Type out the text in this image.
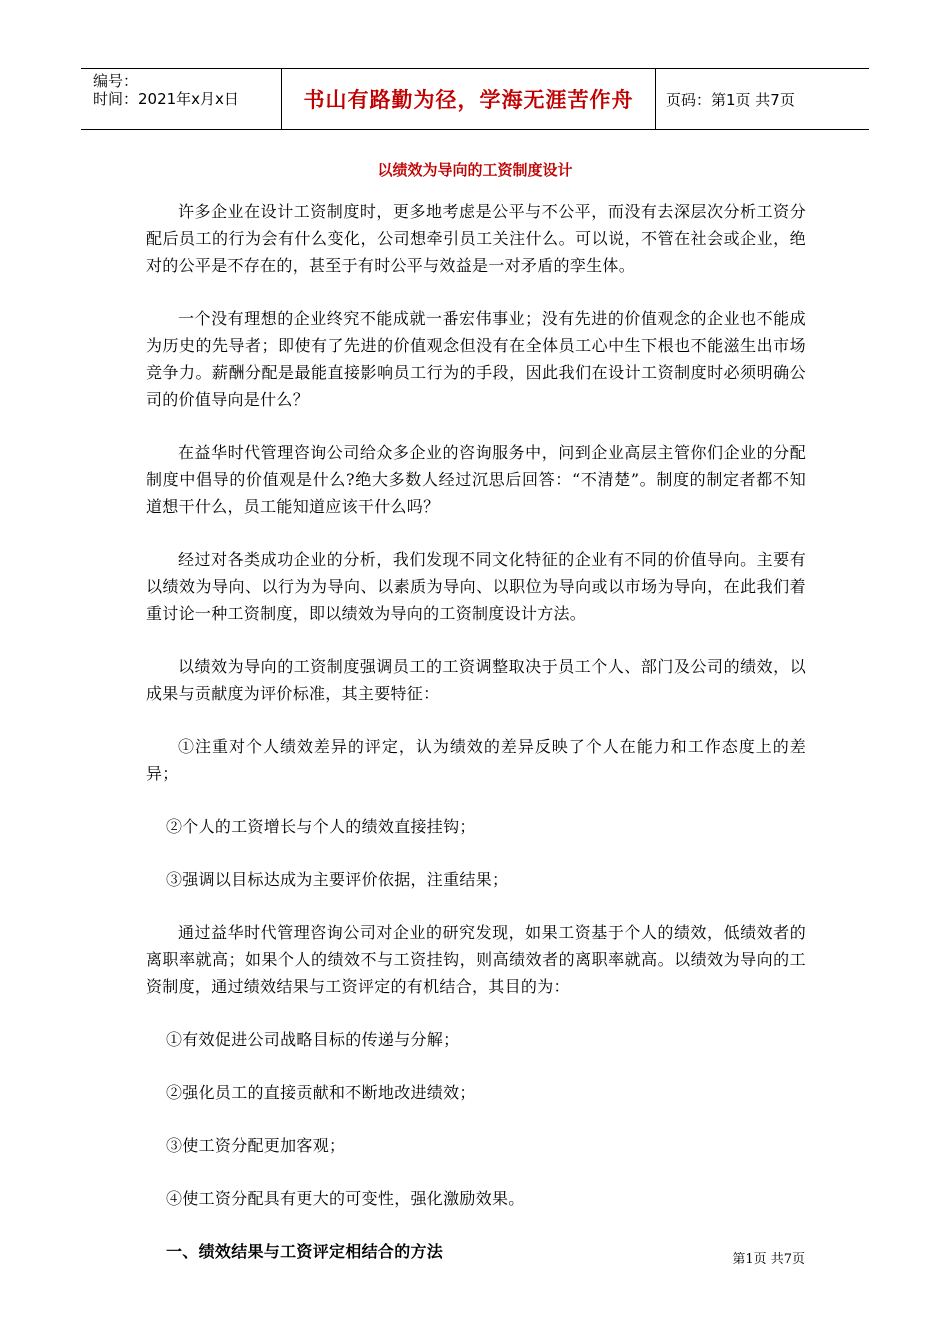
编号：
时间：2021年x月x日	书山有路勤为径，学海无涯苦作舟	页码：第1页 共7页
以绩效为导向的工资制度设计

许多企业在设计工资制度时，更多地考虑是公平与不公平，而没有去深层次分析工资分配后员工的行为会有什么变化，公司想牵引员工关注什么。可以说，不管在社会或企业，绝对的公平是不存在的，甚至于有时公平与效益是一对矛盾的孪生体。

一个没有理想的企业终究不能成就一番宏伟事业；没有先进的价值观念的企业也不能成为历史的先导者；即使有了先进的价值观念但没有在全体员工心中生下根也不能滋生出市场竞争力。薪酬分配是最能直接影响员工行为的手段，因此我们在设计工资制度时必须明确公司的价值导向是什么？

在益华时代管理咨询公司给众多企业的咨询服务中，问到企业高层主管你们企业的分配制度中倡导的价值观是什么?绝大多数人经过沉思后回答：“不清楚”。制度的制定者都不知道想干什么，员工能知道应该干什么吗？

经过对各类成功企业的分析，我们发现不同文化特征的企业有不同的价值导向。主要有以绩效为导向、以行为为导向、以素质为导向、以职位为导向或以市场为导向，在此我们着重讨论一种工资制度，即以绩效为导向的工资制度设计方法。

以绩效为导向的工资制度强调员工的工资调整取决于员工个人、部门及公司的绩效，以成果与贡献度为评价标准，其主要特征：

①注重对个人绩效差异的评定，认为绩效的差异反映了个人在能力和工作态度上的差异；

②个人的工资增长与个人的绩效直接挂钩；

③强调以目标达成为主要评价依据，注重结果；

通过益华时代管理咨询公司对企业的研究发现，如果工资基于个人的绩效，低绩效者的离职率就高；如果个人的绩效不与工资挂钩，则高绩效者的离职率就高。以绩效为导向的工资制度，通过绩效结果与工资评定的有机结合，其目的为：

①有效促进公司战略目标的传递与分解；

②强化员工的直接贡献和不断地改进绩效；

③使工资分配更加客观；

④使工资分配具有更大的可变性，强化激励效果。

一、绩效结果与工资评定相结合的方法	第1页 共7页
